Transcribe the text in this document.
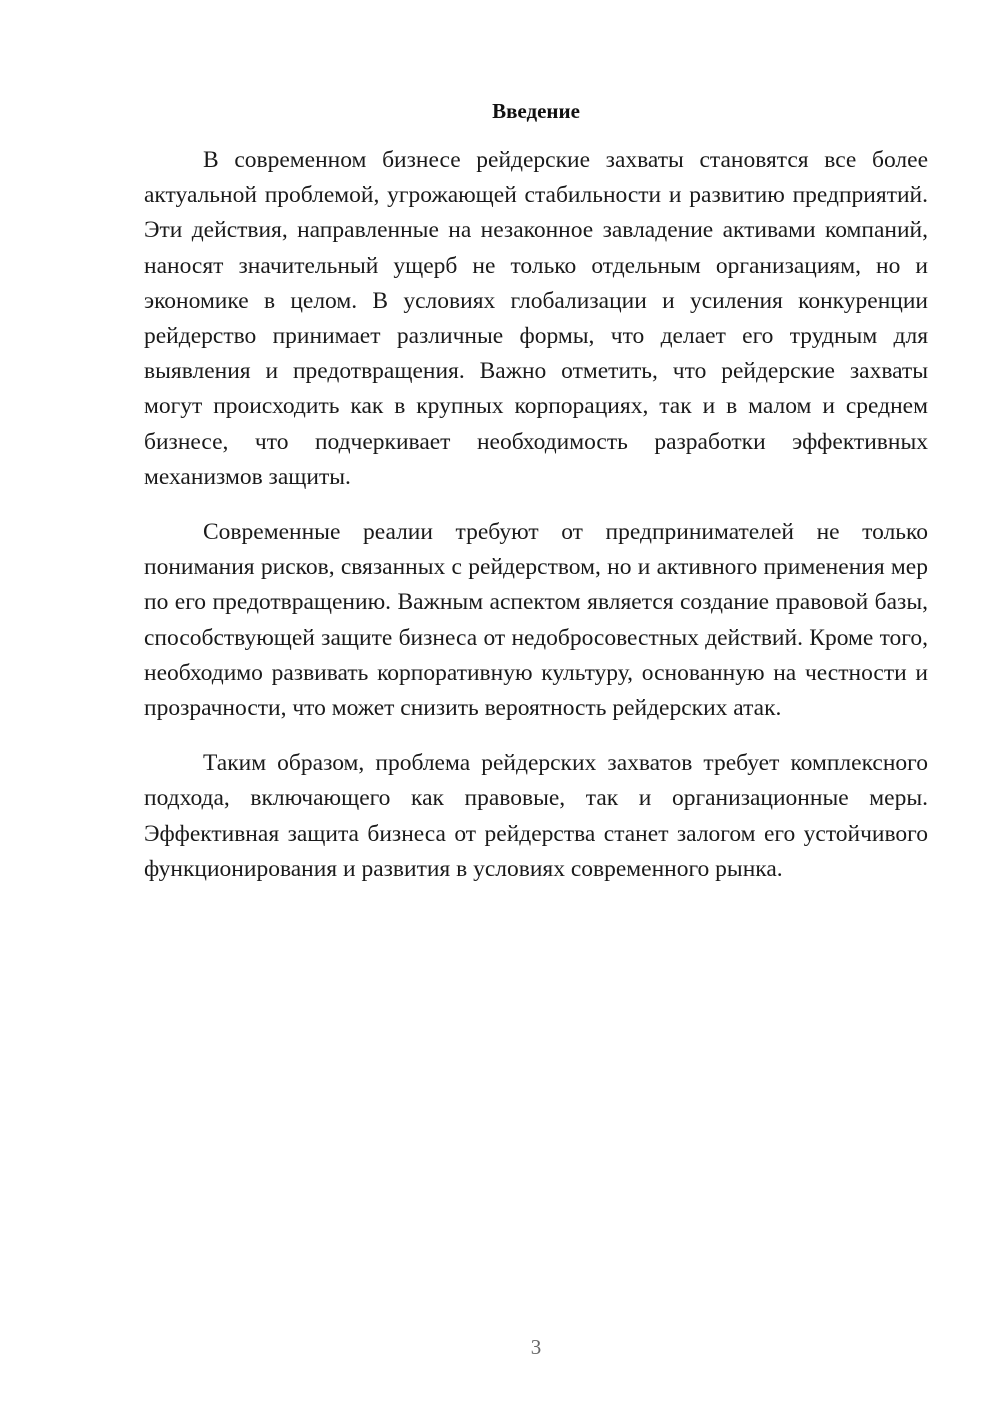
Введение

В современном бизнесе рейдерские захваты становятся все более актуальной проблемой, угрожающей стабильности и развитию предприятий. Эти действия, направленные на незаконное завладение активами компаний, наносят значительный ущерб не только отдельным организациям, но и экономике в целом. В условиях глобализации и усиления конкуренции рейдерство принимает различные формы, что делает его трудным для выявления и предотвращения. Важно отметить, что рейдерские захваты могут происходить как в крупных корпорациях, так и в малом и среднем бизнесе, что подчеркивает необходимость разработки эффективных механизмов защиты.

Современные реалии требуют от предпринимателей не только понимания рисков, связанных с рейдерством, но и активного применения мер по его предотвращению. Важным аспектом является создание правовой базы, способствующей защите бизнеса от недобросовестных действий. Кроме того, необходимо развивать корпоративную культуру, основанную на честности и прозрачности, что может снизить вероятность рейдерских атак.

Таким образом, проблема рейдерских захватов требует комплексного подхода, включающего как правовые, так и организационные меры. Эффективная защита бизнеса от рейдерства станет залогом его устойчивого функционирования и развития в условиях современного рынка.

3
